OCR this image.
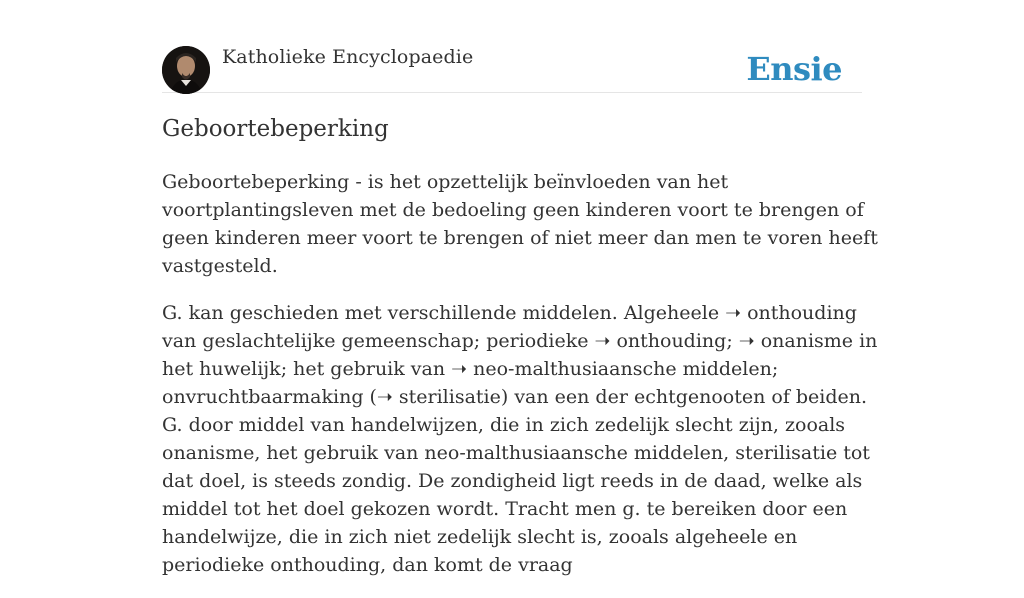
Katholieke Encyclopaedie	Ensie
Geboortebeperking

Geboortebeperking - is het opzettelijk beïnvloeden van het voortplantingsleven met de bedoeling geen kinderen voort te brengen of geen kinderen meer voort te brengen of niet meer dan men te voren heeft vastgesteld.

G. kan geschieden met verschillende middelen. Algeheele ➝ onthouding van geslachtelijke gemeenschap; periodieke ➝ onthouding; ➝ onanisme in het huwelijk; het gebruik van ➝ neo-malthusiaansche middelen; onvruchtbaarmaking (➝ sterilisatie) van een der echtgenooten of beiden. G. door middel van handelwijzen, die in zich zedelijk slecht zijn, zooals onanisme, het gebruik van neo-malthusiaansche middelen, sterilisatie tot dat doel, is steeds zondig. De zondigheid ligt reeds in de daad, welke als middel tot het doel gekozen wordt. Tracht men g. te bereiken door een handelwijze, die in zich niet zedelijk slecht is, zooals algeheele en periodieke onthouding, dan komt de vraag
